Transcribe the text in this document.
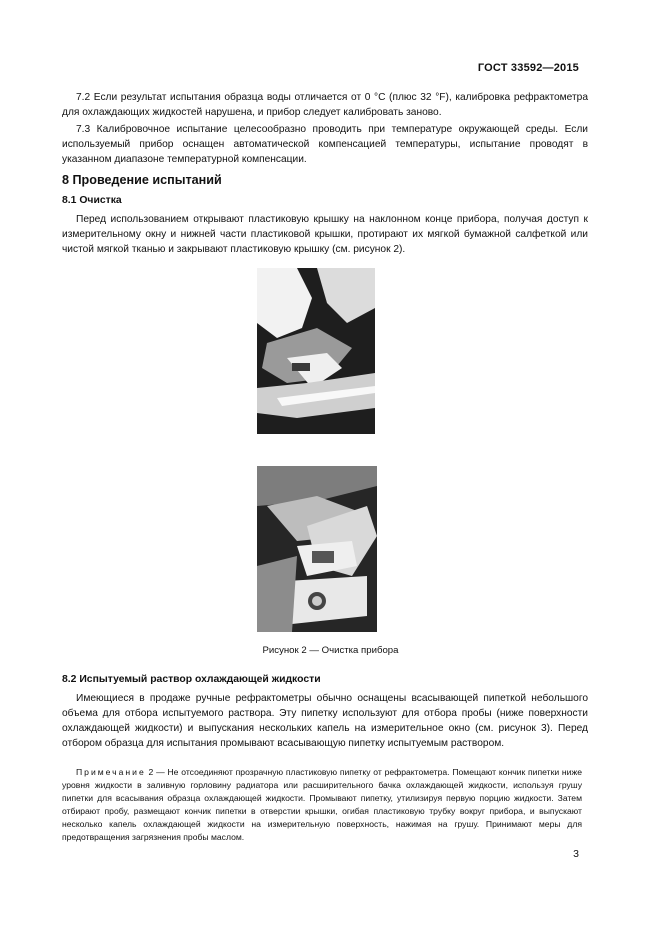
ГОСТ 33592—2015
7.2 Если результат испытания образца воды отличается от 0 °С (плюс 32 °F), калибровка рефрактометра для охлаждающих жидкостей нарушена, и прибор следует калибровать заново.
7.3 Калибровочное испытание целесообразно проводить при температуре окружающей среды. Если используемый прибор оснащен автоматической компенсацией температуры, испытание проводят в указанном диапазоне температурной компенсации.
8 Проведение испытаний
8.1 Очистка
Перед использованием открывают пластиковую крышку на наклонном конце прибора, получая доступ к измерительному окну и нижней части пластиковой крышки, протирают их мягкой бумажной салфеткой или чистой мягкой тканью и закрывают пластиковую крышку (см. рисунок 2).
Рисунок 2 — Очистка прибора
8.2 Испытуемый раствор охлаждающей жидкости
Имеющиеся в продаже ручные рефрактометры обычно оснащены всасывающей пипеткой небольшого объема для отбора испытуемого раствора. Эту пипетку используют для отбора пробы (ниже поверхности охлаждающей жидкости) и выпускания нескольких капель на измерительное окно (см. рисунок 3). Перед отбором образца для испытания промывают всасывающую пипетку испытуемым раствором.
Примечание 2 — Не отсоединяют прозрачную пластиковую пипетку от рефрактометра. Помещают кончик пипетки ниже уровня жидкости в заливную горловину радиатора или расширительного бачка охлаждающей жидкости, используя грушу пипетки для всасывания образца охлаждающей жидкости. Промывают пипетку, утилизируя первую порцию жидкости. Затем отбирают пробу, размещают кончик пипетки в отверстии крышки, огибая пластиковую трубку вокруг прибора, и выпускают несколько капель охлаждающей жидкости на измерительную поверхность, нажимая на грушу. Принимают меры для предотвращения загрязнения пробы маслом.
3
